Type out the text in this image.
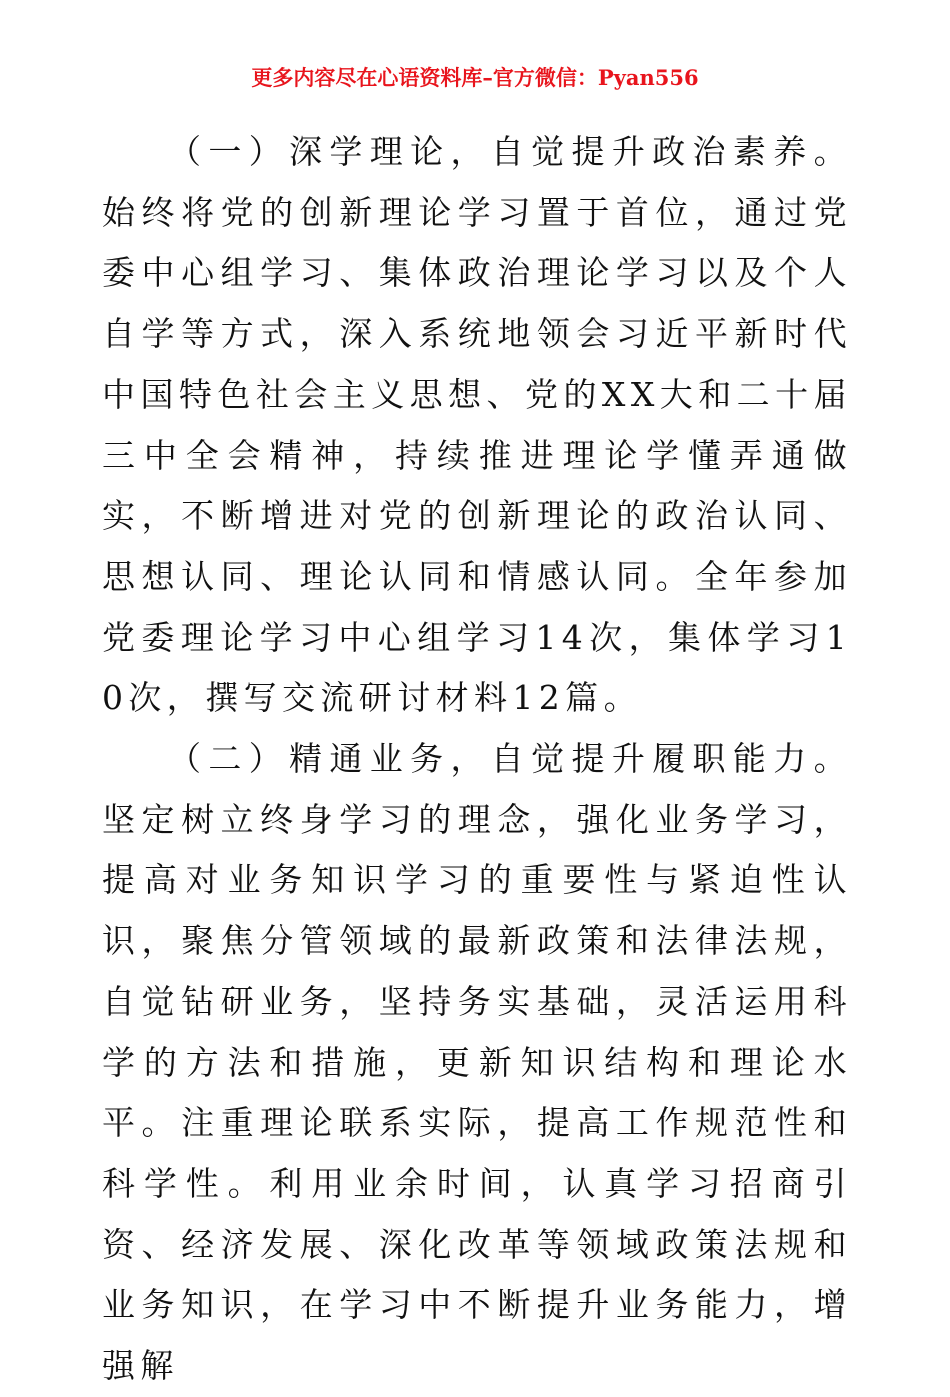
更多内容尽在心语资料库–官方微信：Pyan556

（一）深学理论，自觉提升政治素养。始终将党的创新理论学习置于首位，通过党委中心组学习、集体政治理论学习以及个人自学等方式，深入系统地领会习近平新时代中国特色社会主义思想、党的XX大和二十届三中全会精神，持续推进理论学懂弄通做实，不断增进对党的创新理论的政治认同、思想认同、理论认同和情感认同。全年参加党委理论学习中心组学习14次，集体学习10次，撰写交流研讨材料12篇。

（二）精通业务，自觉提升履职能力。坚定树立终身学习的理念，强化业务学习，提高对业务知识学习的重要性与紧迫性认识，聚焦分管领域的最新政策和法律法规，自觉钻研业务，坚持务实基础，灵活运用科学的方法和措施，更新知识结构和理论水平。注重理论联系实际，提高工作规范性和科学性。利用业余时间，认真学习招商引资、经济发展、深化改革等领域政策法规和业务知识，在学习中不断提升业务能力，增强解
